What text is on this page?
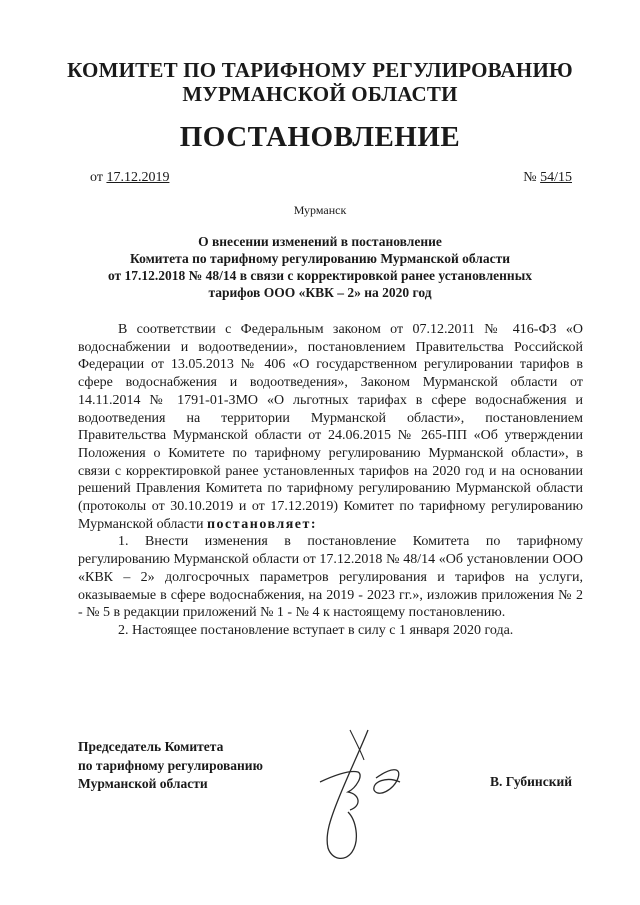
КОМИТЕТ ПО ТАРИФНОМУ РЕГУЛИРОВАНИЮ
МУРМАНСКОЙ ОБЛАСТИ
ПОСТАНОВЛЕНИЕ
от 17.12.2019	№ 54/15
Мурманск
О внесении изменений в постановление
Комитета по тарифному регулированию Мурманской области
от 17.12.2018 № 48/14 в связи с корректировкой ранее установленных
тарифов ООО «КВК – 2» на 2020 год

В соответствии с Федеральным законом от 07.12.2011 № 416-ФЗ «О водоснабжении и водоотведении», постановлением Правительства Российской Федерации от 13.05.2013 № 406 «О государственном регулировании тарифов в сфере водоснабжения и водоотведения», Законом Мурманской области от 14.11.2014 № 1791-01-ЗМО «О льготных тарифах в сфере водоснабжения и водоотведения на территории Мурманской области», постановлением Правительства Мурманской области от 24.06.2015 № 265-ПП «Об утверждении Положения о Комитете по тарифному регулированию Мурманской области», в связи с корректировкой ранее установленных тарифов на 2020 год и на основании решений Правления Комитета по тарифному регулированию Мурманской области (протоколы от 30.10.2019 и от 17.12.2019) Комитет по тарифному регулированию Мурманской области постановляет:

1. Внести изменения в постановление Комитета по тарифному регулированию Мурманской области от 17.12.2018 № 48/14 «Об установлении ООО «КВК – 2» долгосрочных параметров регулирования и тарифов на услуги, оказываемые в сфере водоснабжения, на 2019 - 2023 гг.», изложив приложения № 2 - № 5 в редакции приложений № 1 - № 4 к настоящему постановлению.

2. Настоящее постановление вступает в силу с 1 января 2020 года.

Председатель Комитета
по тарифному регулированию
Мурманской области	В. Губинский
